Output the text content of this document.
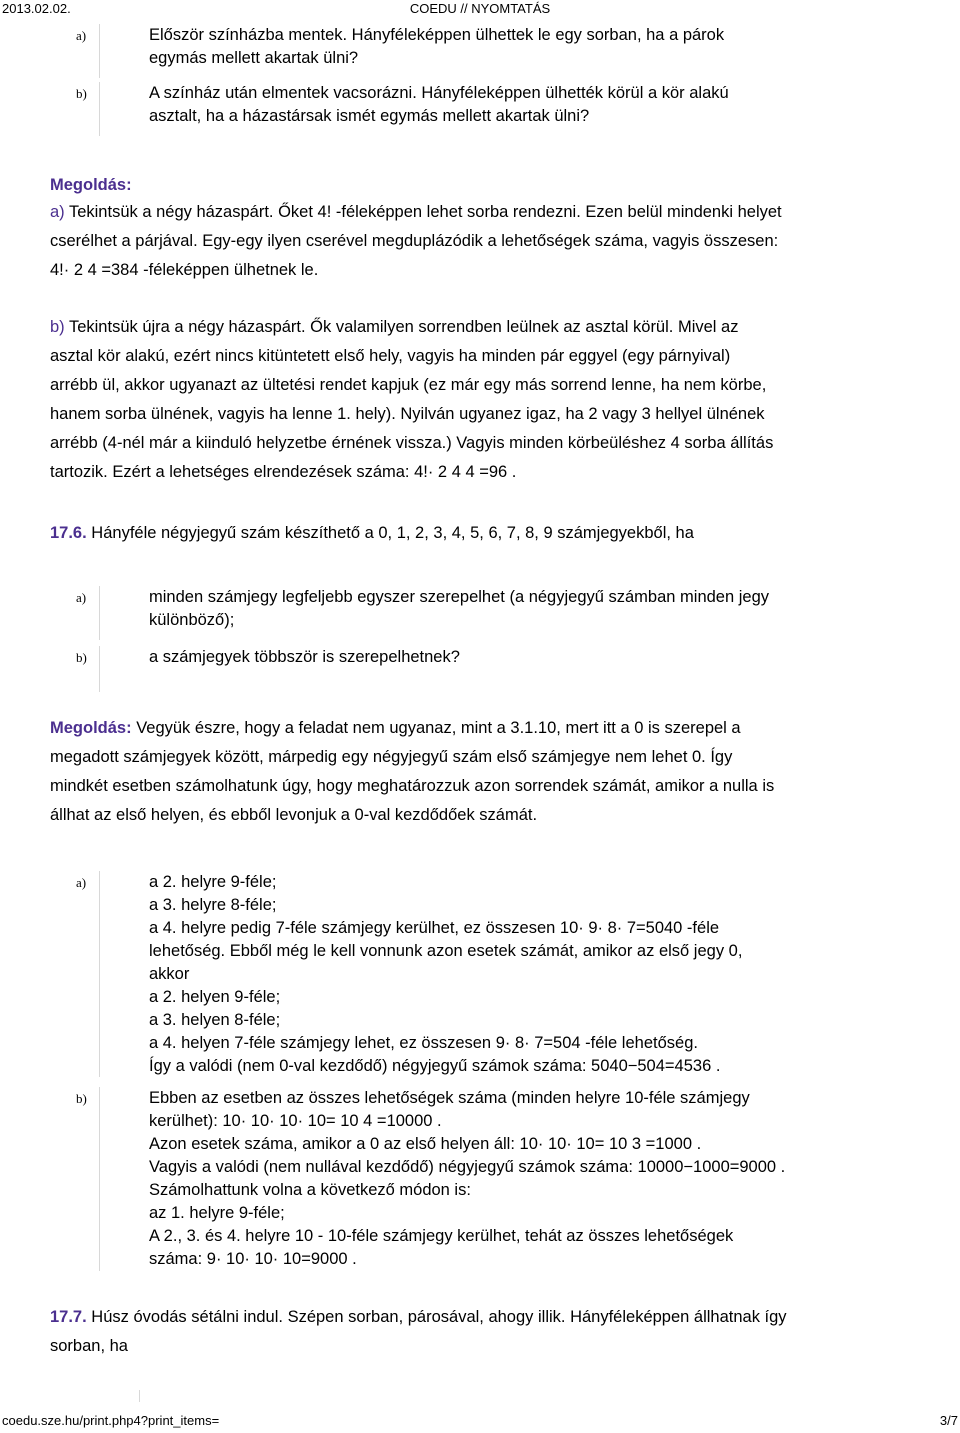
2013.02.02.	COEDU // NYOMTATÁS
a)	Először színházba mentek. Hányféleképpen ülhettek le egy sorban, ha a párok
egymás mellett akartak ülni?
b)	A színház után elmentek vacsorázni. Hányféleképpen ülhették körül a kör alakú
asztalt, ha a házastársak ismét egymás mellett akartak ülni?
Megoldás:
a) Tekintsük a négy házaspárt. Őket 4! -féleképpen lehet sorba rendezni. Ezen belül mindenki helyet
cserélhet a párjával. Egy-egy ilyen cserével megduplázódik a lehetőségek száma, vagyis összesen:
4!· 2 4 =384 -féleképpen ülhetnek le.
b) Tekintsük újra a négy házaspárt. Ők valamilyen sorrendben leülnek az asztal körül. Mivel az
asztal kör alakú, ezért nincs kitüntetett első hely, vagyis ha minden pár eggyel (egy párnyival)
arrébb ül, akkor ugyanazt az ültetési rendet kapjuk (ez már egy más sorrend lenne, ha nem körbe,
hanem sorba ülnének, vagyis ha lenne 1. hely). Nyilván ugyanez igaz, ha 2 vagy 3 hellyel ülnének
arrébb (4-nél már a kiinduló helyzetbe érnének vissza.) Vagyis minden körbeüléshez 4 sorba állítás
tartozik. Ezért a lehetséges elrendezések száma: 4!· 2 4 4 =96 .
17.6. Hányféle négyjegyű szám készíthető a 0, 1, 2, 3, 4, 5, 6, 7, 8, 9 számjegyekből, ha
a)	minden számjegy legfeljebb egyszer szerepelhet (a négyjegyű számban minden jegy
különböző);
b)	a számjegyek többször is szerepelhetnek?
Megoldás: Vegyük észre, hogy a feladat nem ugyanaz, mint a 3.1.10, mert itt a 0 is szerepel a
megadott számjegyek között, márpedig egy négyjegyű szám első számjegye nem lehet 0. Így
mindkét esetben számolhatunk úgy, hogy meghatározzuk azon sorrendek számát, amikor a nulla is
állhat az első helyen, és ebből levonjuk a 0-val kezdődőek számát.
a)	a 2. helyre 9-féle;
a 3. helyre 8-féle;
a 4. helyre pedig 7-féle számjegy kerülhet, ez összesen 10· 9· 8· 7=5040 -féle
lehetőség. Ebből még le kell vonnunk azon esetek számát, amikor az első jegy 0,
akkor
a 2. helyen 9-féle;
a 3. helyen 8-féle;
a 4. helyen 7-féle számjegy lehet, ez összesen 9· 8· 7=504 -féle lehetőség.
Így a valódi (nem 0-val kezdődő) négyjegyű számok száma: 5040−504=4536 .
b)	Ebben az esetben az összes lehetőségek száma (minden helyre 10-féle számjegy
kerülhet): 10· 10· 10· 10= 10 4 =10000 .
Azon esetek száma, amikor a 0 az első helyen áll: 10· 10· 10= 10 3 =1000 .
Vagyis a valódi (nem nullával kezdődő) négyjegyű számok száma: 10000−1000=9000 .
Számolhattunk volna a következő módon is:
az 1. helyre 9-féle;
A 2., 3. és 4. helyre 10 - 10-féle számjegy kerülhet, tehát az összes lehetőségek
száma: 9· 10· 10· 10=9000 .
17.7. Húsz óvodás sétálni indul. Szépen sorban, párosával, ahogy illik. Hányféleképpen állhatnak így
sorban, ha
coedu.sze.hu/print.php4?print_items=	3/7
